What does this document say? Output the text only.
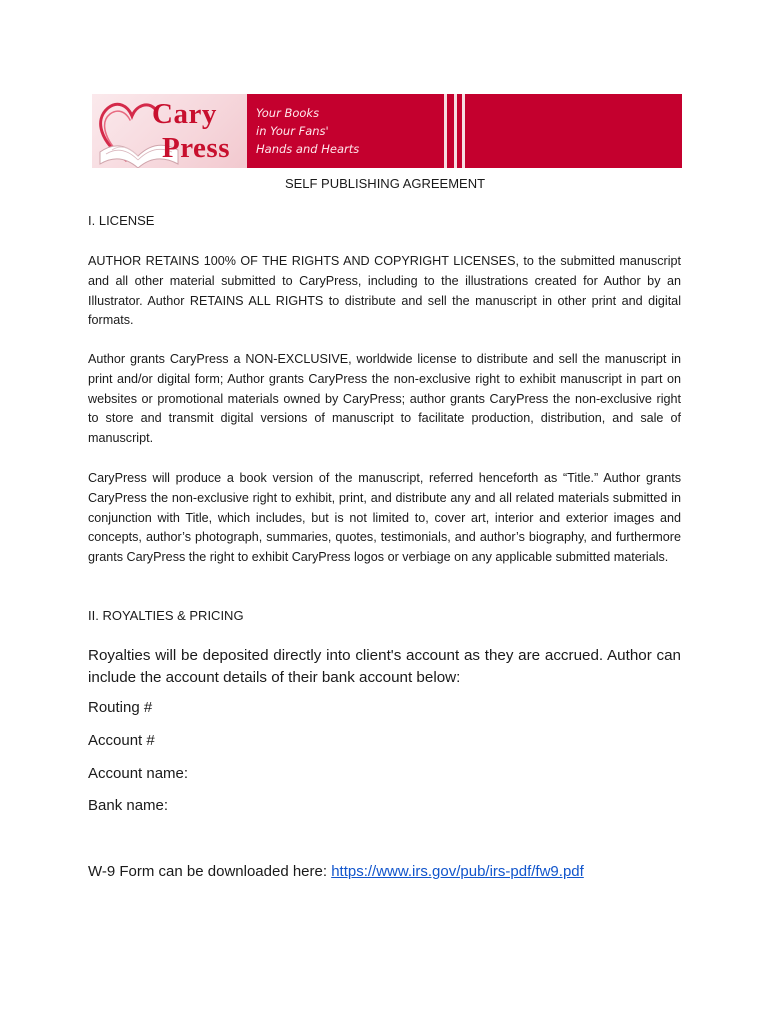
Cary
Press
Your Books
in Your Fans'
Hands and Hearts
SELF PUBLISHING AGREEMENT
I. LICENSE

AUTHOR RETAINS 100% OF THE RIGHTS AND COPYRIGHT LICENSES, to the submitted manuscript and all other material submitted to CaryPress, including to the illustrations created for Author by an Illustrator. Author RETAINS ALL RIGHTS to distribute and sell the manuscript in other print and digital formats.

Author grants CaryPress a NON-EXCLUSIVE, worldwide license to distribute and sell the manuscript in print and/or digital form; Author grants CaryPress the non-exclusive right to exhibit manuscript in part on websites or promotional materials owned by CaryPress; author grants CaryPress the non-exclusive right to store and transmit digital versions of manuscript to facilitate production, distribution, and sale of manuscript.

CaryPress will produce a book version of the manuscript, referred henceforth as “Title.” Author grants CaryPress the non-exclusive right to exhibit, print, and distribute any and all related materials submitted in conjunction with Title, which includes, but is not limited to, cover art, interior and exterior images and concepts, author’s photograph, summaries, quotes, testimonials, and author’s biography, and furthermore grants CaryPress the right to exhibit CaryPress logos or verbiage on any applicable submitted materials.

II. ROYALTIES & PRICING

Royalties will be deposited directly into client's account as they are accrued. Author can include the account details of their bank account below:

Routing #
Account #
Account name:
Bank name:
W-9 Form can be downloaded here: https://www.irs.gov/pub/irs-pdf/fw9.pdf
